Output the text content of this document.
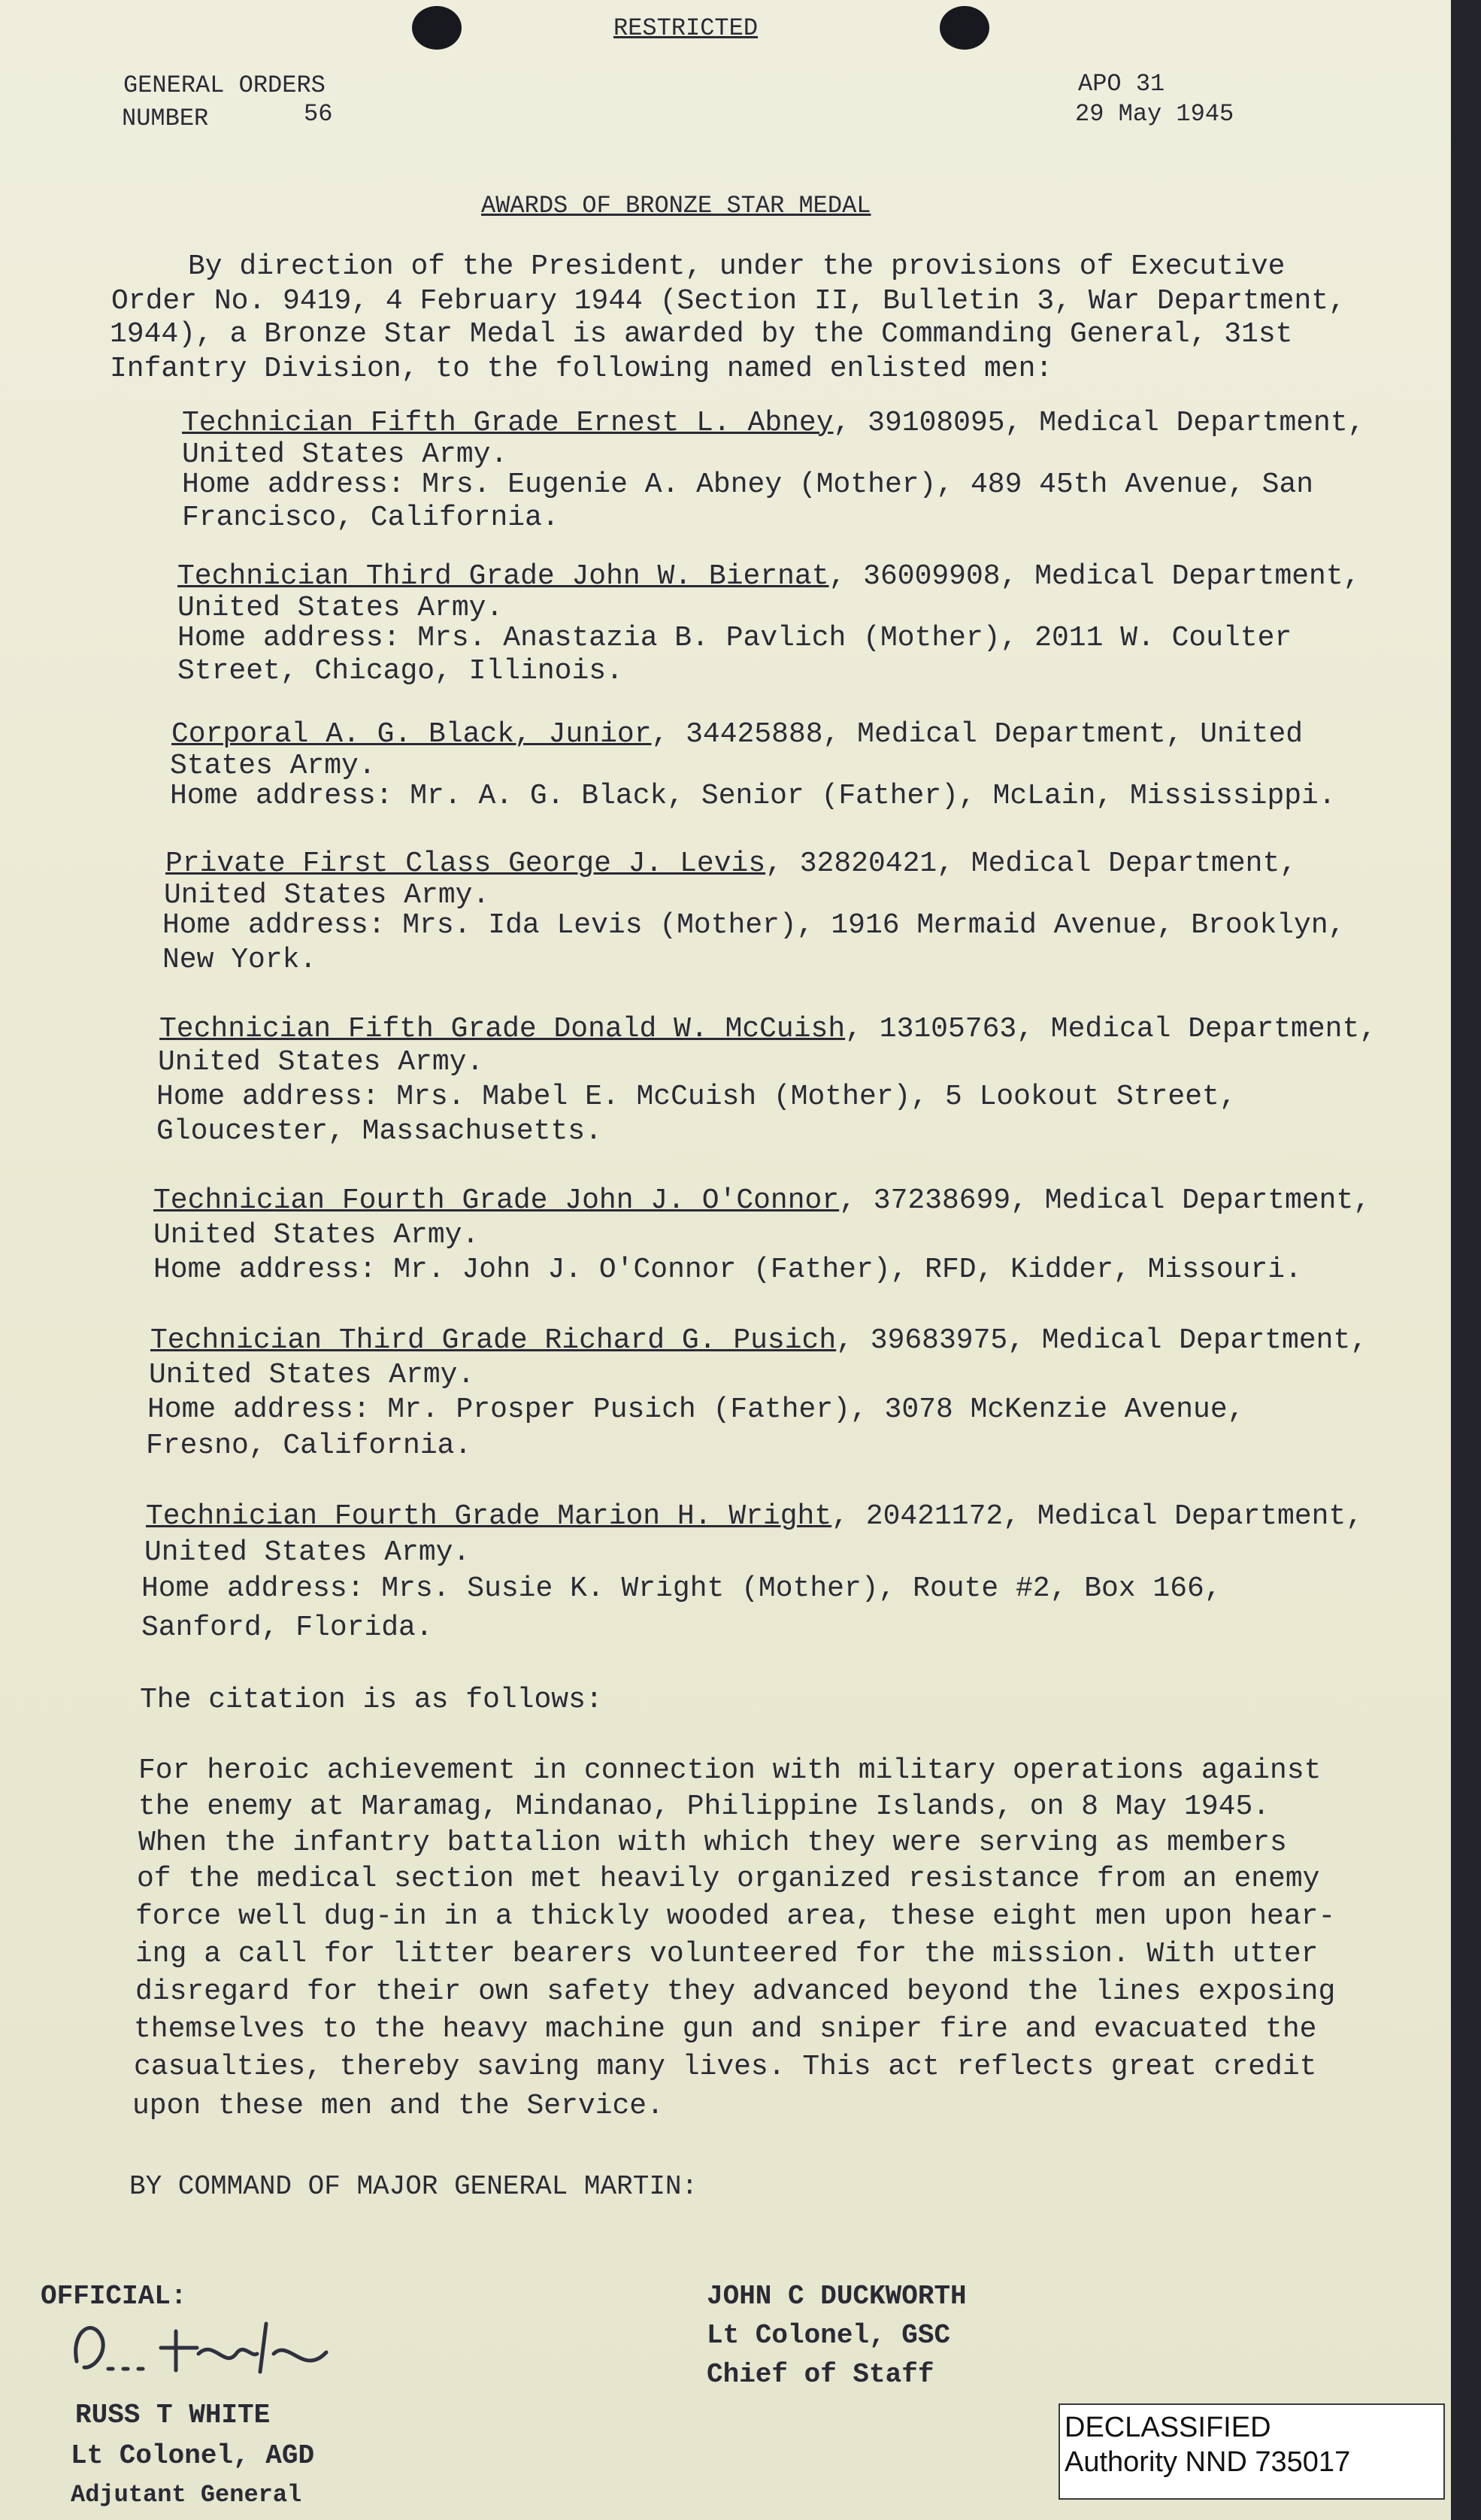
RESTRICTED
GENERAL ORDERS
NUMBER	56
APO 31
29 May 1945
AWARDS OF BRONZE STAR MEDAL
By direction of the President, under the provisions of Executive
Order No. 9419, 4 February 1944 (Section II, Bulletin 3, War Department,
1944), a Bronze Star Medal is awarded by the Commanding General, 31st
Infantry Division, to the following named enlisted men:
Technician Fifth Grade Ernest L. Abney, 39108095, Medical Department,
United States Army.
Home address: Mrs. Eugenie A. Abney (Mother), 489 45th Avenue, San
Francisco, California.
Technician Third Grade John W. Biernat, 36009908, Medical Department,
United States Army.
Home address: Mrs. Anastazia B. Pavlich (Mother), 2011 W. Coulter
Street, Chicago, Illinois.
Corporal A. G. Black, Junior, 34425888, Medical Department, United
States Army.
Home address: Mr. A. G. Black, Senior (Father), McLain, Mississippi.
Private First Class George J. Levis, 32820421, Medical Department,
United States Army.
Home address: Mrs. Ida Levis (Mother), 1916 Mermaid Avenue, Brooklyn,
New York.
Technician Fifth Grade Donald W. McCuish, 13105763, Medical Department,
United States Army.
Home address: Mrs. Mabel E. McCuish (Mother), 5 Lookout Street,
Gloucester, Massachusetts.
Technician Fourth Grade John J. O'Connor, 37238699, Medical Department,
United States Army.
Home address: Mr. John J. O'Connor (Father), RFD, Kidder, Missouri.
Technician Third Grade Richard G. Pusich, 39683975, Medical Department,
United States Army.
Home address: Mr. Prosper Pusich (Father), 3078 McKenzie Avenue,
Fresno, California.
Technician Fourth Grade Marion H. Wright, 20421172, Medical Department,
United States Army.
Home address: Mrs. Susie K. Wright (Mother), Route #2, Box 166,
Sanford, Florida.
The citation is as follows:
For heroic achievement in connection with military operations against
the enemy at Maramag, Mindanao, Philippine Islands, on 8 May 1945.
When the infantry battalion with which they were serving as members
of the medical section met heavily organized resistance from an enemy
force well dug-in in a thickly wooded area, these eight men upon hear-
ing a call for litter bearers volunteered for the mission. With utter
disregard for their own safety they advanced beyond the lines exposing
themselves to the heavy machine gun and sniper fire and evacuated the
casualties, thereby saving many lives. This act reflects great credit
upon these men and the Service.
BY COMMAND OF MAJOR GENERAL MARTIN:
OFFICIAL:
RUSS T WHITE
Lt Colonel, AGD
Adjutant General
JOHN C DUCKWORTH
Lt Colonel, GSC
Chief of Staff
DECLASSIFIED
Authority NND 735017
